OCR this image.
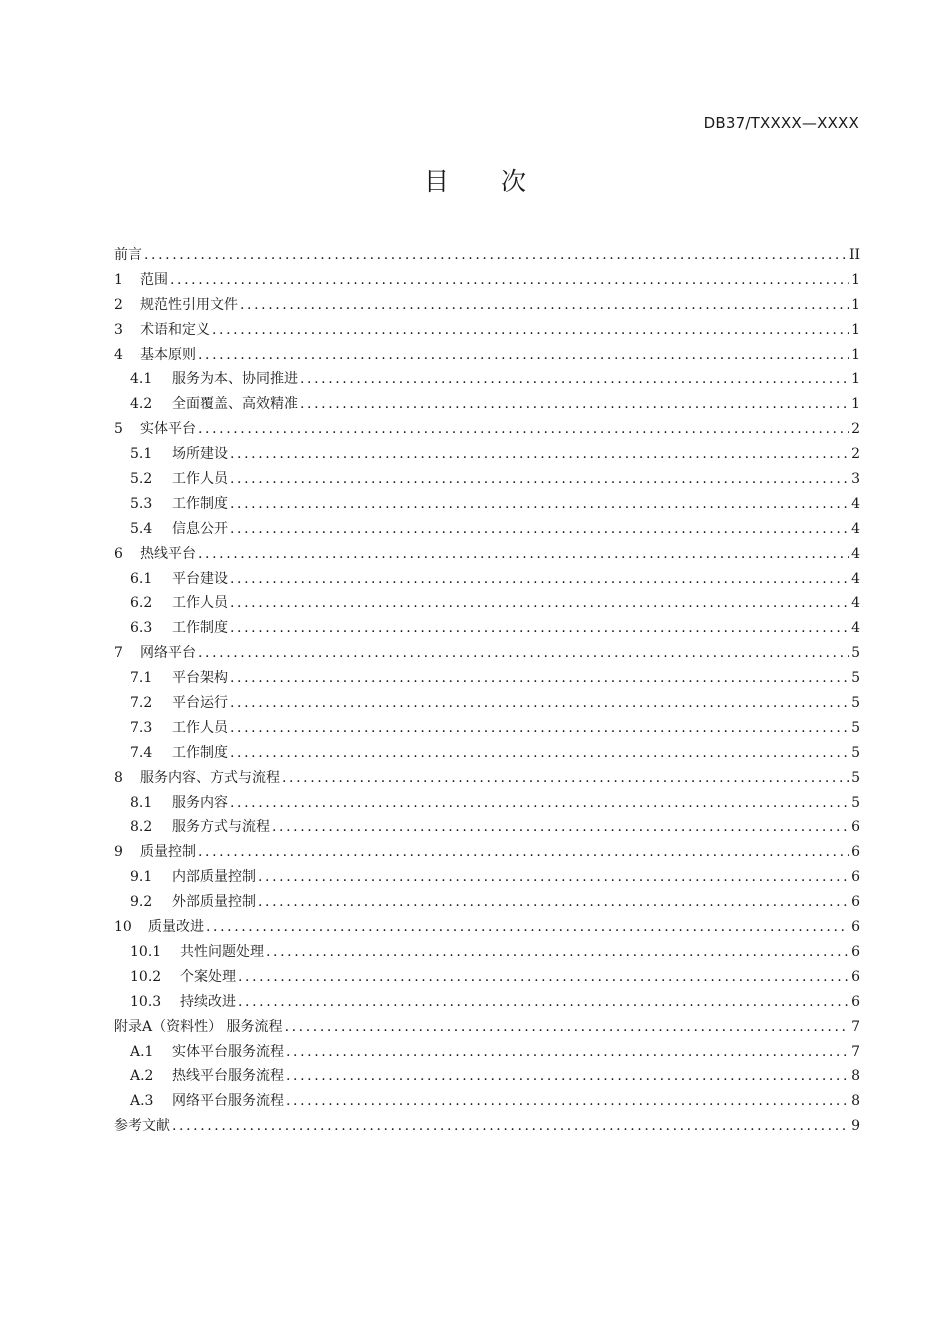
DB37/TXXXX—XXXX
目 次
前言 .....	II
1	范围 .....	1
2	规范性引用文件 .....	1
3	术语和定义 .....	1
4	基本原则 .....	1
4.1	服务为本、协同推进 .....	1
4.2	全面覆盖、高效精准 .....	1
5	实体平台 .....	2
5.1	场所建设 .....	2
5.2	工作人员 .....	3
5.3	工作制度 .....	4
5.4	信息公开 .....	4
6	热线平台 .....	4
6.1	平台建设 .....	4
6.2	工作人员 .....	4
6.3	工作制度 .....	4
7	网络平台 .....	5
7.1	平台架构 .....	5
7.2	平台运行 .....	5
7.3	工作人员 .....	5
7.4	工作制度 .....	5
8	服务内容、方式与流程 .....	5
8.1	服务内容 .....	5
8.2	服务方式与流程 .....	6
9	质量控制 .....	6
9.1	内部质量控制 .....	6
9.2	外部质量控制 .....	6
10	质量改进 .....	6
10.1	共性问题处理 .....	6
10.2	个案处理 .....	6
10.3	持续改进 .....	6
附录A（资料性） 服务流程 .....	7
A.1	实体平台服务流程 .....	7
A.2	热线平台服务流程 .....	8
A.3	网络平台服务流程 .....	8
参考文献 .....	9
